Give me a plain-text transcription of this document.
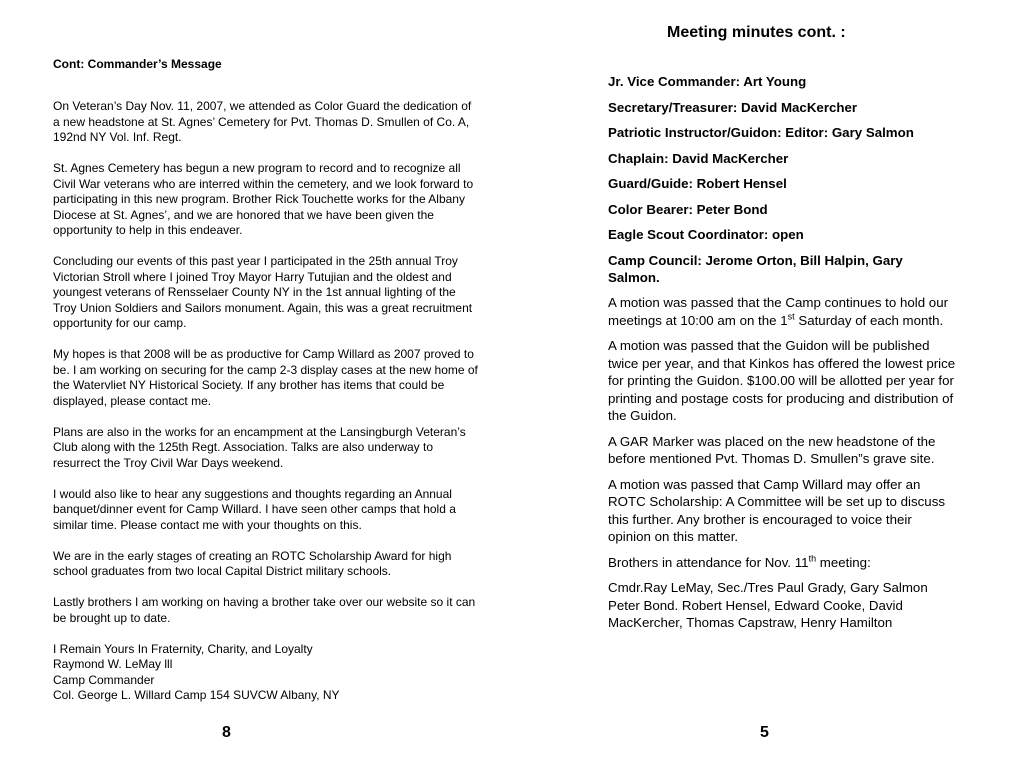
Cont: Commander’s Message

On Veteran’s Day Nov. 11, 2007, we attended as Color Guard the dedication of a new headstone at St. Agnes’ Cemetery for Pvt. Thomas D. Smullen of Co. A, 192nd NY Vol. Inf. Regt.

St. Agnes Cemetery has begun a new program to record and to recognize all Civil War veterans who are interred within the cemetery, and we look forward to participating in this new program. Brother Rick Touchette works for the Albany Diocese at St. Agnes’, and we are honored that we have been given the opportunity to help in this endeaver.

Concluding our events of this past year I participated in the 25th annual Troy Victorian Stroll where I joined Troy Mayor Harry Tutujian and the oldest and youngest veterans of Rensselaer County NY in the 1st annual lighting of the Troy Union Soldiers and Sailors monument. Again, this was a great recruitment opportunity for our camp.

My hopes is that 2008 will be as productive for Camp Willard as 2007 proved to be. I am working on securing for the camp 2-3 display cases at the new home of the Watervliet NY Historical Society. If any brother has items that could be displayed, please contact me.

Plans are also in the works for an encampment at the Lansingburgh Veteran’s Club along with the 125th Regt. Association. Talks are also underway to resurrect the Troy Civil War Days weekend.

I would also like to hear any suggestions and thoughts regarding an Annual banquet/dinner event for Camp Willard. I have seen other camps that hold a similar time. Please contact me with your thoughts on this.

We are in the early stages of creating an ROTC Scholarship Award for high school graduates from two local Capital District military schools.

Lastly brothers I am working on having a brother take over our website so it can be brought up to date.

I Remain Yours In Fraternity, Charity, and Loyalty
Raymond W. LeMay lll
Camp Commander
Col. George L. Willard Camp 154 SUVCW Albany, NY

8

Meeting minutes cont. :

Jr. Vice Commander: Art Young

Secretary/Treasurer: David MacKercher

Patriotic Instructor/Guidon: Editor: Gary Salmon

Chaplain: David MacKercher

Guard/Guide: Robert Hensel

Color Bearer: Peter Bond

Eagle Scout Coordinator: open

Camp Council: Jerome Orton, Bill Halpin, Gary Salmon.

A motion was passed that the Camp continues to hold our meetings at 10:00 am on the 1st Saturday of each month.

A motion was passed that the Guidon will be published twice per year, and that Kinkos has offered the lowest price for printing the Guidon. $100.00 will be allotted per year for printing and postage costs for producing and distribution of the Guidon.

A GAR Marker was placed on the new headstone of the before mentioned Pvt. Thomas D. Smullen”s grave site.

A motion was passed that Camp Willard may offer an ROTC Scholarship: A Committee will be set up to discuss this further. Any brother is encouraged to voice their opinion on this matter.

Brothers in attendance for Nov. 11th meeting:

Cmdr.Ray LeMay, Sec./Tres Paul Grady, Gary Salmon Peter Bond. Robert Hensel, Edward Cooke, David MacKercher, Thomas Capstraw, Henry Hamilton

5
